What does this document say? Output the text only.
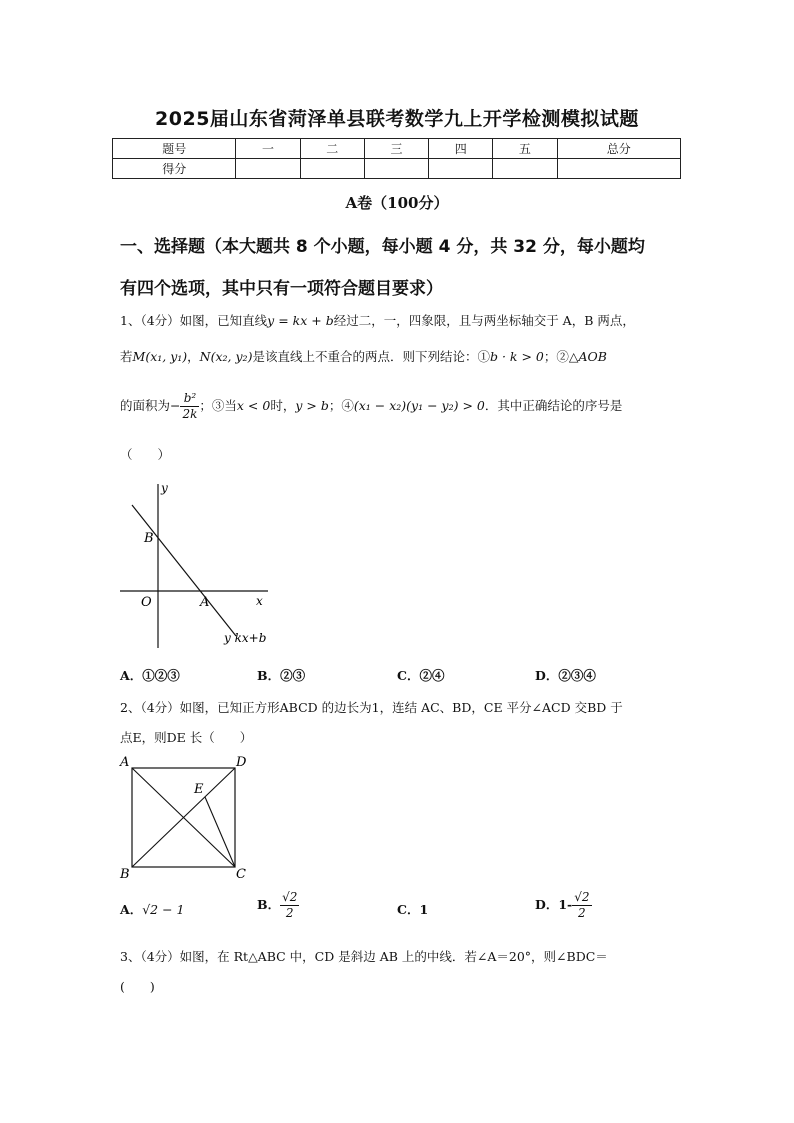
2025届山东省菏泽单县联考数学九上开学检测模拟试题
题号	一	二	三	四	五	总分
得分						
A卷（100分）
一、选择题（本大题共 8 个小题，每小题 4 分，共 32 分，每小题均
有四个选项，其中只有一项符合题目要求）
1、（4分）如图，已知直线y = kx + b经过二，一，四象限，且与两坐标轴交于 A，B 两点，
若M(x₁, y₁)，N(x₂, y₂)是该直线上不重合的两点．则下列结论：①b · k > 0；②△AOB
的面积为− $\frac{\text{b²}}{2k}$ ；③当x < 0时，y > b；④(x₁ − x₂)(y₁ − y₂) > 0．其中正确结论的序号是
（　　）
y
B
O	A	x
y kx+b
A．①②③	B．②③	C．②④	D．②③④
2、（4分）如图，已知正方形ABCD 的边长为1，连结 AC、BD，CE 平分∠ACD 交BD 于
点E，则DE 长（　　）
A	D
E
B	C
A．√2 − 1	B． $\frac{√2}{2}$	C．1	D．$1- \frac{√2}{2}$
3、（4分）如图，在 Rt△ABC 中，CD 是斜边 AB 上的中线．若∠A＝20°，则∠BDC＝
(　　)
